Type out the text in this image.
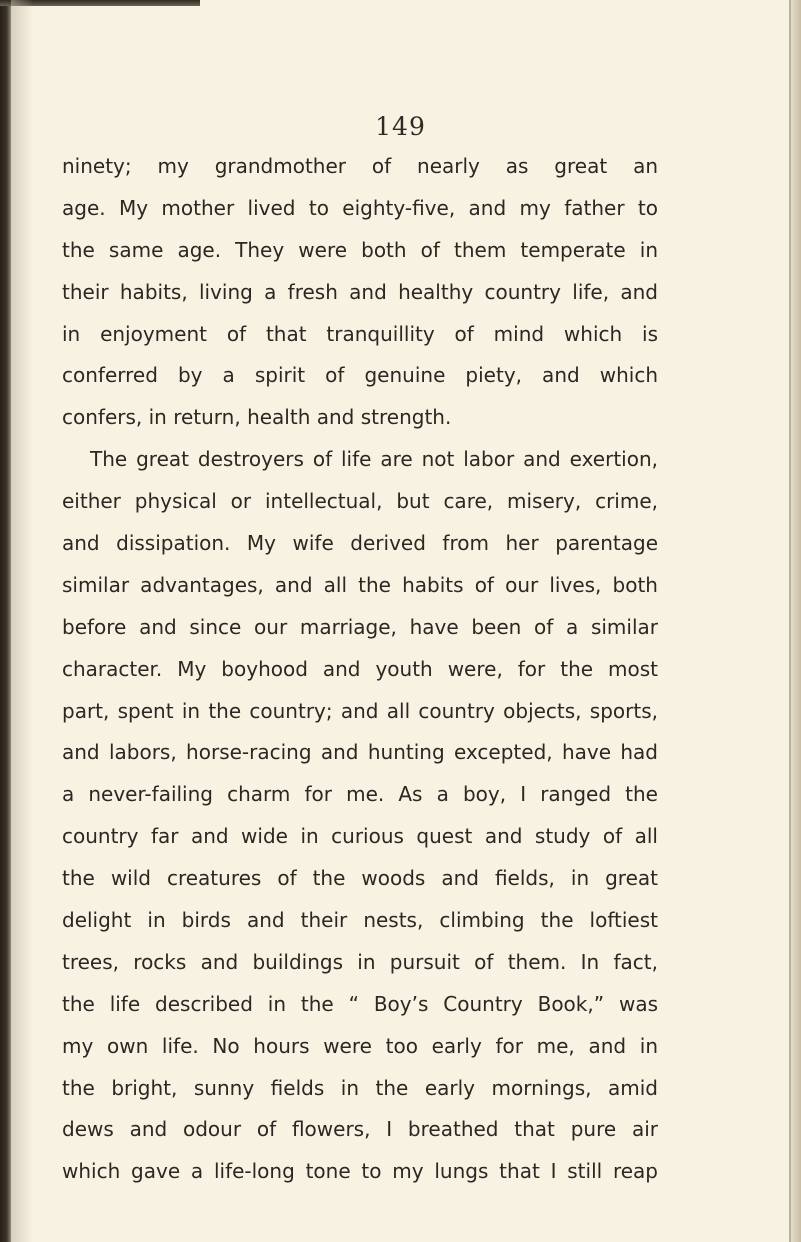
149
ninety; my grandmother of nearly as great an
age. My mother lived to eighty-five, and my father to
the same age. They were both of them temperate in
their habits, living a fresh and healthy country life, and
in enjoyment of that tranquillity of mind which is
conferred by a spirit of genuine piety, and which
confers, in return, health and strength.
The great destroyers of life are not labor and exertion,
either physical or intellectual, but care, misery, crime,
and dissipation. My wife derived from her parentage
similar advantages, and all the habits of our lives, both
before and since our marriage, have been of a similar
character. My boyhood and youth were, for the most
part, spent in the country; and all country objects, sports,
and labors, horse-racing and hunting excepted, have had
a never-failing charm for me. As a boy, I ranged the
country far and wide in curious quest and study of all
the wild creatures of the woods and fields, in great
delight in birds and their nests, climbing the loftiest
trees, rocks and buildings in pursuit of them. In fact,
the life described in the “ Boy’s Country Book,” was
my own life. No hours were too early for me, and in
the bright, sunny fields in the early mornings, amid
dews and odour of flowers, I breathed that pure air
which gave a life-long tone to my lungs that I still reap
